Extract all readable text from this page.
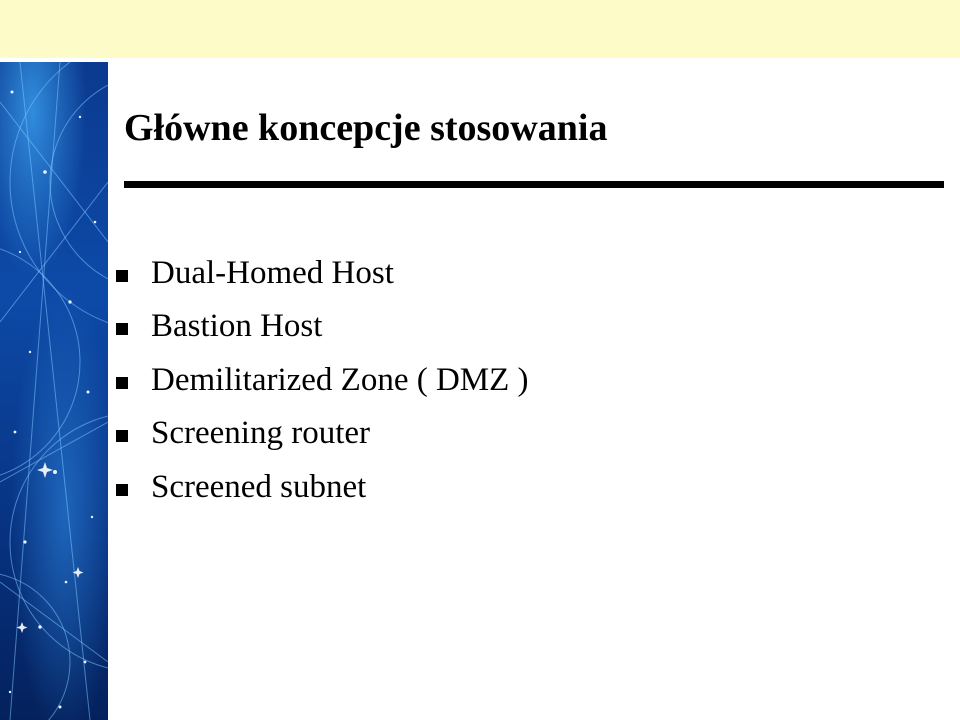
Główne koncepcje stosowania
Dual-Homed Host
Bastion Host
Demilitarized Zone ( DMZ )
Screening router
Screened subnet
